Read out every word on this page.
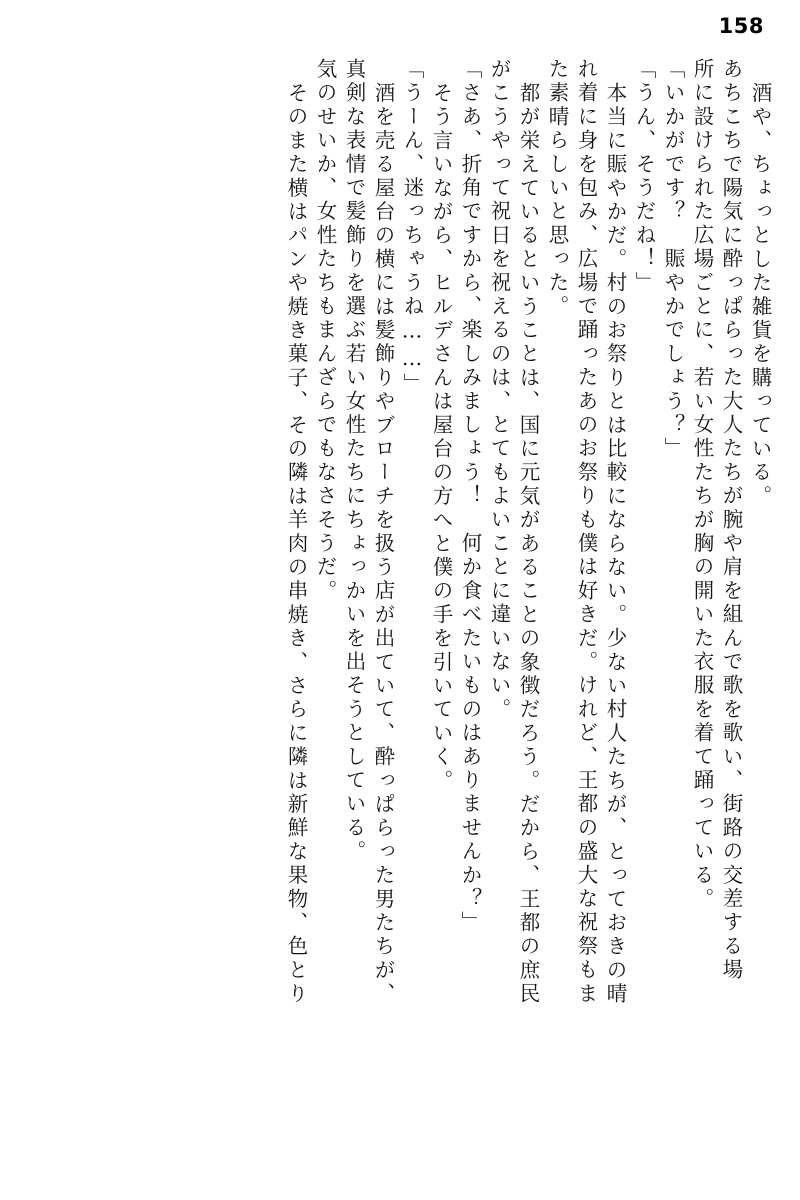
158
酒や、ちょっとした雑貨を購っている。
あちこちで陽気に酔っぱらった大人たちが腕や肩を組んで歌を歌い、街路の交差する場
所に設けられた広場ごとに、若い女性たちが胸の開いた衣服を着て踊っている。
「いかがです？　賑やかでしょう？」
「うん、そうだね！」
本当に賑やかだ。村のお祭りとは比較にならない。少ない村人たちが、とっておきの晴
れ着に身を包み、広場で踊ったあのお祭りも僕は好きだ。けれど、王都の盛大な祝祭もま
た素晴らしいと思った。
都が栄えているということは、国に元気があることの象徴だろう。だから、王都の庶民
がこうやって祝日を祝えるのは、とてもよいことに違いない。
「さあ、折角ですから、楽しみましょう！　何か食べたいものはありませんか？」
そう言いながら、ヒルデさんは屋台の方へと僕の手を引いていく。
「うーん、迷っちゃうね……」
酒を売る屋台の横には髪飾りやブローチを扱う店が出ていて、酔っぱらった男たちが、
真剣な表情で髪飾りを選ぶ若い女性たちにちょっかいを出そうとしている。
気のせいか、女性たちもまんざらでもなさそうだ。
そのまた横はパンや焼き菓子、その隣は羊肉の串焼き、さらに隣は新鮮な果物、色とり
